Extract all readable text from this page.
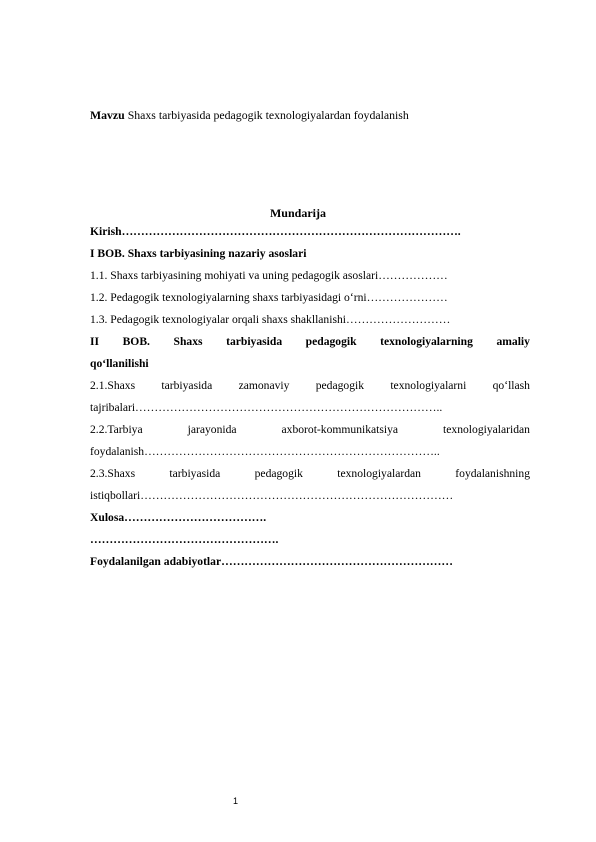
Mavzu Shaxs tarbiyasida pedagogik texnologiyalardan foydalanish
Mundarija
Kirish…………………………………………………………………………….
I BOB. Shaxs tarbiyasining nazariy asoslari
1.1. Shaxs tarbiyasining mohiyati va uning pedagogik asoslari………………
1.2. Pedagogik texnologiyalarning shaxs tarbiyasidagi o‘rni…………………
1.3. Pedagogik texnologiyalar orqali shaxs shakllanishi………………………
II BOB. Shaxs tarbiyasida pedagogik texnologiyalarning amaliy
qo‘llanilishi
2.1.Shaxs tarbiyasida zamonaviy pedagogik texnologiyalarni qo‘llash
tajribalari……………………………………………………………………..
2.2.Tarbiya	jarayonida	axborot-kommunikatsiya	texnologiyalaridan
foydalanish…………………………………………………………………..
2.3.Shaxs	tarbiyasida	pedagogik	texnologiyalardan	foydalanishning
istiqbollari………………………………………………………………………
Xulosa……………………………….
………………………………………….
Foydalanilgan adabiyotlar……………………………………………………
1
